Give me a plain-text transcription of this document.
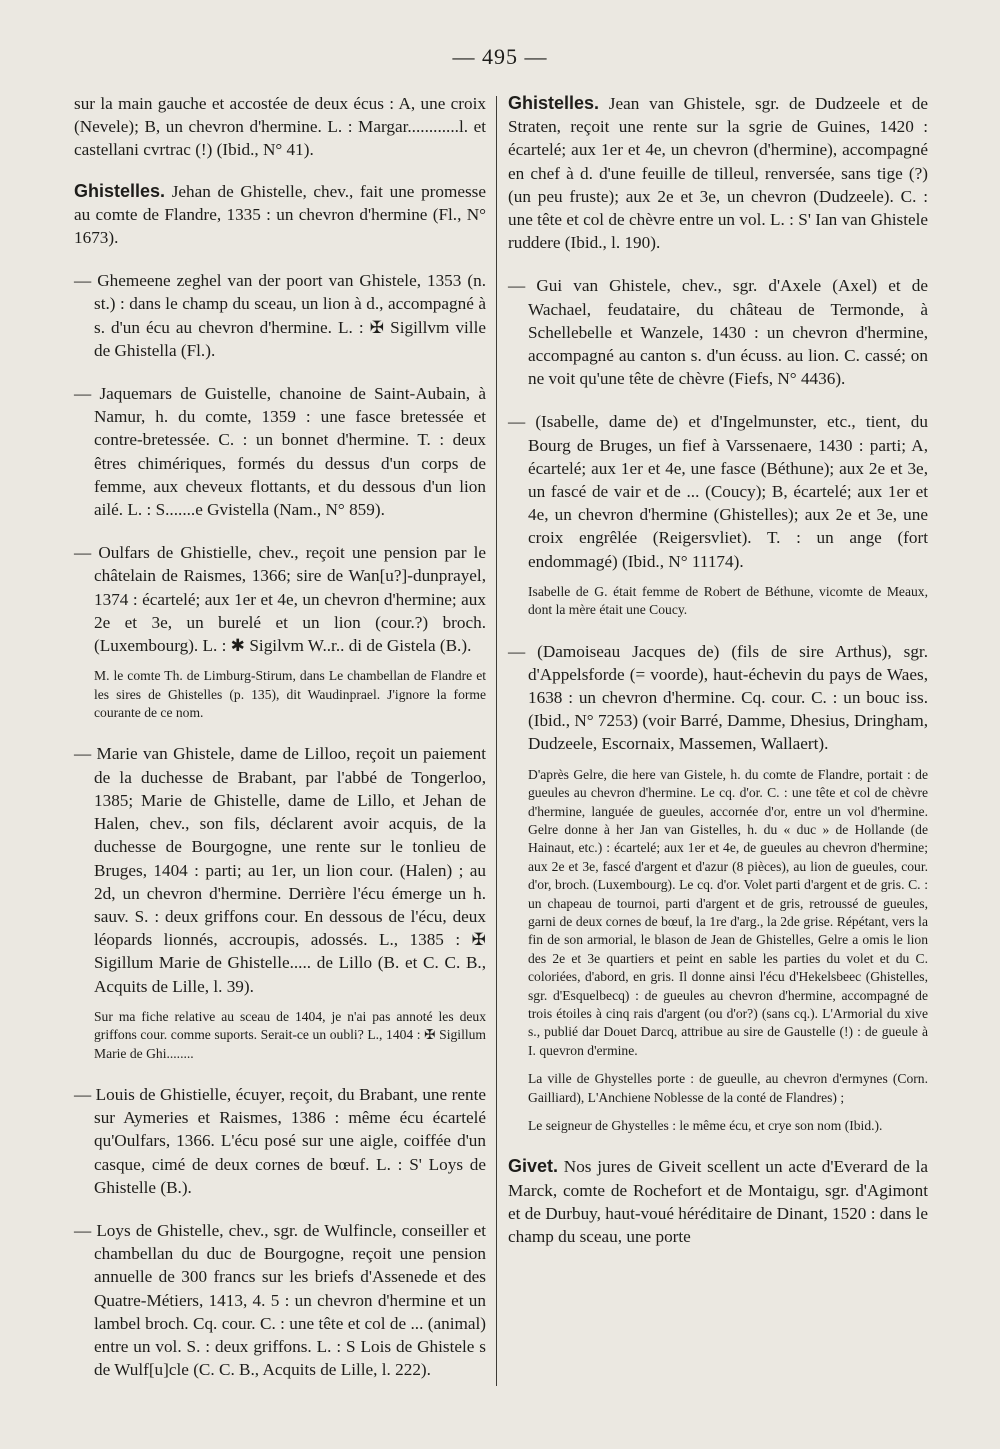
— 495 —

sur la main gauche et accostée de deux écus : A, une croix (Nevele); B, un chevron d'hermine. L. : Margar............l. et castellani cvrtrac (!) (Ibid., N° 41).

Ghistelles. Jehan de Ghistelle, chev., fait une promesse au comte de Flandre, 1335 : un chevron d'hermine (Fl., N° 1673).

— Ghemeene zeghel van der poort van Ghistele, 1353 (n. st.) : dans le champ du sceau, un lion à d., accompagné à s. d'un écu au chevron d'hermine. L. : ✠ Sigillvm ville de Ghistella (Fl.).

— Jaquemars de Guistelle, chanoine de Saint-Aubain, à Namur, h. du comte, 1359 : une fasce bretessée et contre-bretessée. C. : un bonnet d'hermine. T. : deux êtres chimériques, formés du dessus d'un corps de femme, aux cheveux flottants, et du dessous d'un lion ailé. L. : S.......e Gvistella (Nam., N° 859).

— Oulfars de Ghistielle, chev., reçoit une pension par le châtelain de Raismes, 1366; sire de Wan[u?]-dunprayel, 1374 : écartelé; aux 1er et 4e, un chevron d'hermine; aux 2e et 3e, un burelé et un lion (cour.?) broch. (Luxembourg). L. : ✱ Sigilvm W..r.. di de Gistela (B.).

M. le comte Th. de Limburg-Stirum, dans Le chambellan de Flandre et les sires de Ghistelles (p. 135), dit Waudinprael. J'ignore la forme courante de ce nom.

— Marie van Ghistele, dame de Lilloo, reçoit un paiement de la duchesse de Brabant, par l'abbé de Tongerloo, 1385; Marie de Ghistelle, dame de Lillo, et Jehan de Halen, chev., son fils, déclarent avoir acquis, de la duchesse de Bourgogne, une rente sur le tonlieu de Bruges, 1404 : parti; au 1er, un lion cour. (Halen) ; au 2d, un chevron d'hermine. Derrière l'écu émerge un h. sauv. S. : deux griffons cour. En dessous de l'écu, deux léopards lionnés, accroupis, adossés. L., 1385 : ✠ Sigillum Marie de Ghistelle..... de Lillo (B. et C. C. B., Acquits de Lille, l. 39).

Sur ma fiche relative au sceau de 1404, je n'ai pas annoté les deux griffons cour. comme suports. Serait-ce un oubli? L., 1404 : ✠ Sigillum Marie de Ghi........

— Louis de Ghistielle, écuyer, reçoit, du Brabant, une rente sur Aymeries et Raismes, 1386 : même écu écartelé qu'Oulfars, 1366. L'écu posé sur une aigle, coiffée d'un casque, cimé de deux cornes de bœuf. L. : S' Loys de Ghistelle (B.).

— Loys de Ghistelle, chev., sgr. de Wulfincle, conseiller et chambellan du duc de Bourgogne, reçoit une pension annuelle de 300 francs sur les briefs d'Assenede et des Quatre-Métiers, 1413, 4. 5 : un chevron d'hermine et un lambel broch. Cq. cour. C. : une tête et col de ... (animal) entre un vol. S. : deux griffons. L. : S Lois de Ghistele s de Wulf[u]cle (C. C. B., Acquits de Lille, l. 222).

Ghistelles. Jean van Ghistele, sgr. de Dudzeele et de Straten, reçoit une rente sur la sgrie de Guines, 1420 : écartelé; aux 1er et 4e, un chevron (d'hermine), accompagné en chef à d. d'une feuille de tilleul, renversée, sans tige (?) (un peu fruste); aux 2e et 3e, un chevron (Dudzeele). C. : une tête et col de chèvre entre un vol. L. : S' Ian van Ghistele ruddere (Ibid., l. 190).

— Gui van Ghistele, chev., sgr. d'Axele (Axel) et de Wachael, feudataire, du château de Termonde, à Schellebelle et Wanzele, 1430 : un chevron d'hermine, accompagné au canton s. d'un écuss. au lion. C. cassé; on ne voit qu'une tête de chèvre (Fiefs, N° 4436).

— (Isabelle, dame de) et d'Ingelmunster, etc., tient, du Bourg de Bruges, un fief à Varssenaere, 1430 : parti; A, écartelé; aux 1er et 4e, une fasce (Béthune); aux 2e et 3e, un fascé de vair et de ... (Coucy); B, écartelé; aux 1er et 4e, un chevron d'hermine (Ghistelles); aux 2e et 3e, une croix engrêlée (Reigersvliet). T. : un ange (fort endommagé) (Ibid., N° 11174).

Isabelle de G. était femme de Robert de Béthune, vicomte de Meaux, dont la mère était une Coucy.

— (Damoiseau Jacques de) (fils de sire Arthus), sgr. d'Appelsforde (= voorde), haut-échevin du pays de Waes, 1638 : un chevron d'hermine. Cq. cour. C. : un bouc iss. (Ibid., N° 7253) (voir Barré, Damme, Dhesius, Dringham, Dudzeele, Escornaix, Massemen, Wallaert).

D'après Gelre, die here van Gistele, h. du comte de Flandre, portait : de gueules au chevron d'hermine. Le cq. d'or. C. : une tête et col de chèvre d'hermine, languée de gueules, accornée d'or, entre un vol d'hermine. Gelre donne à her Jan van Gistelles, h. du « duc » de Hollande (de Hainaut, etc.) : écartelé; aux 1er et 4e, de gueules au chevron d'hermine; aux 2e et 3e, fascé d'argent et d'azur (8 pièces), au lion de gueules, cour. d'or, broch. (Luxembourg). Le cq. d'or. Volet parti d'argent et de gris. C. : un chapeau de tournoi, parti d'argent et de gris, retroussé de gueules, garni de deux cornes de bœuf, la 1re d'arg., la 2de grise. Répétant, vers la fin de son armorial, le blason de Jean de Ghistelles, Gelre a omis le lion des 2e et 3e quartiers et peint en sable les parties du volet et du C. coloriées, d'abord, en gris. Il donne ainsi l'écu d'Hekelsbeec (Ghistelles, sgr. d'Esquelbecq) : de gueules au chevron d'hermine, accompagné de trois étoiles à cinq rais d'argent (ou d'or?) (sans cq.). L'Armorial du xive s., publié dar Douet Darcq, attribue au sire de Gaustelle (!) : de gueule à I. quevron d'ermine.

La ville de Ghystelles porte : de gueulle, au chevron d'ermynes (Corn. Gailliard), L'Anchiene Noblesse de la conté de Flandres) ;

Le seigneur de Ghystelles : le même écu, et crye son nom (Ibid.).

Givet. Nos jures de Giveit scellent un acte d'Everard de la Marck, comte de Rochefort et de Montaigu, sgr. d'Agimont et de Durbuy, haut-voué héréditaire de Dinant, 1520 : dans le champ du sceau, une porte
